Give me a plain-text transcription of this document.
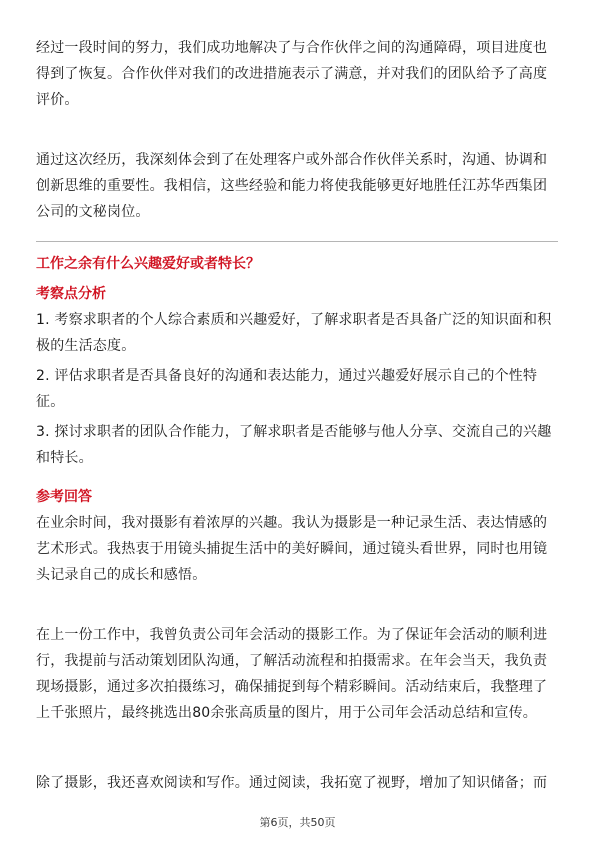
经过一段时间的努力，我们成功地解决了与合作伙伴之间的沟通障碍，项目进度也得到了恢复。合作伙伴对我们的改进措施表示了满意，并对我们的团队给予了高度评价。

通过这次经历，我深刻体会到了在处理客户或外部合作伙伴关系时，沟通、协调和创新思维的重要性。我相信，这些经验和能力将使我能够更好地胜任江苏华西集团公司的文秘岗位。

工作之余有什么兴趣爱好或者特长？
考察点分析

1. 考察求职者的个人综合素质和兴趣爱好，了解求职者是否具备广泛的知识面和积极的生活态度。

2. 评估求职者是否具备良好的沟通和表达能力，通过兴趣爱好展示自己的个性特征。

3. 探讨求职者的团队合作能力，了解求职者是否能够与他人分享、交流自己的兴趣和特长。

参考回答

在业余时间，我对摄影有着浓厚的兴趣。我认为摄影是一种记录生活、表达情感的艺术形式。我热衷于用镜头捕捉生活中的美好瞬间，通过镜头看世界，同时也用镜头记录自己的成长和感悟。

在上一份工作中，我曾负责公司年会活动的摄影工作。为了保证年会活动的顺利进行，我提前与活动策划团队沟通，了解活动流程和拍摄需求。在年会当天，我负责现场摄影，通过多次拍摄练习，确保捕捉到每个精彩瞬间。活动结束后，我整理了上千张照片，最终挑选出80余张高质量的图片，用于公司年会活动总结和宣传。

除了摄影，我还喜欢阅读和写作。通过阅读，我拓宽了视野，增加了知识储备；而

第6页，共50页
